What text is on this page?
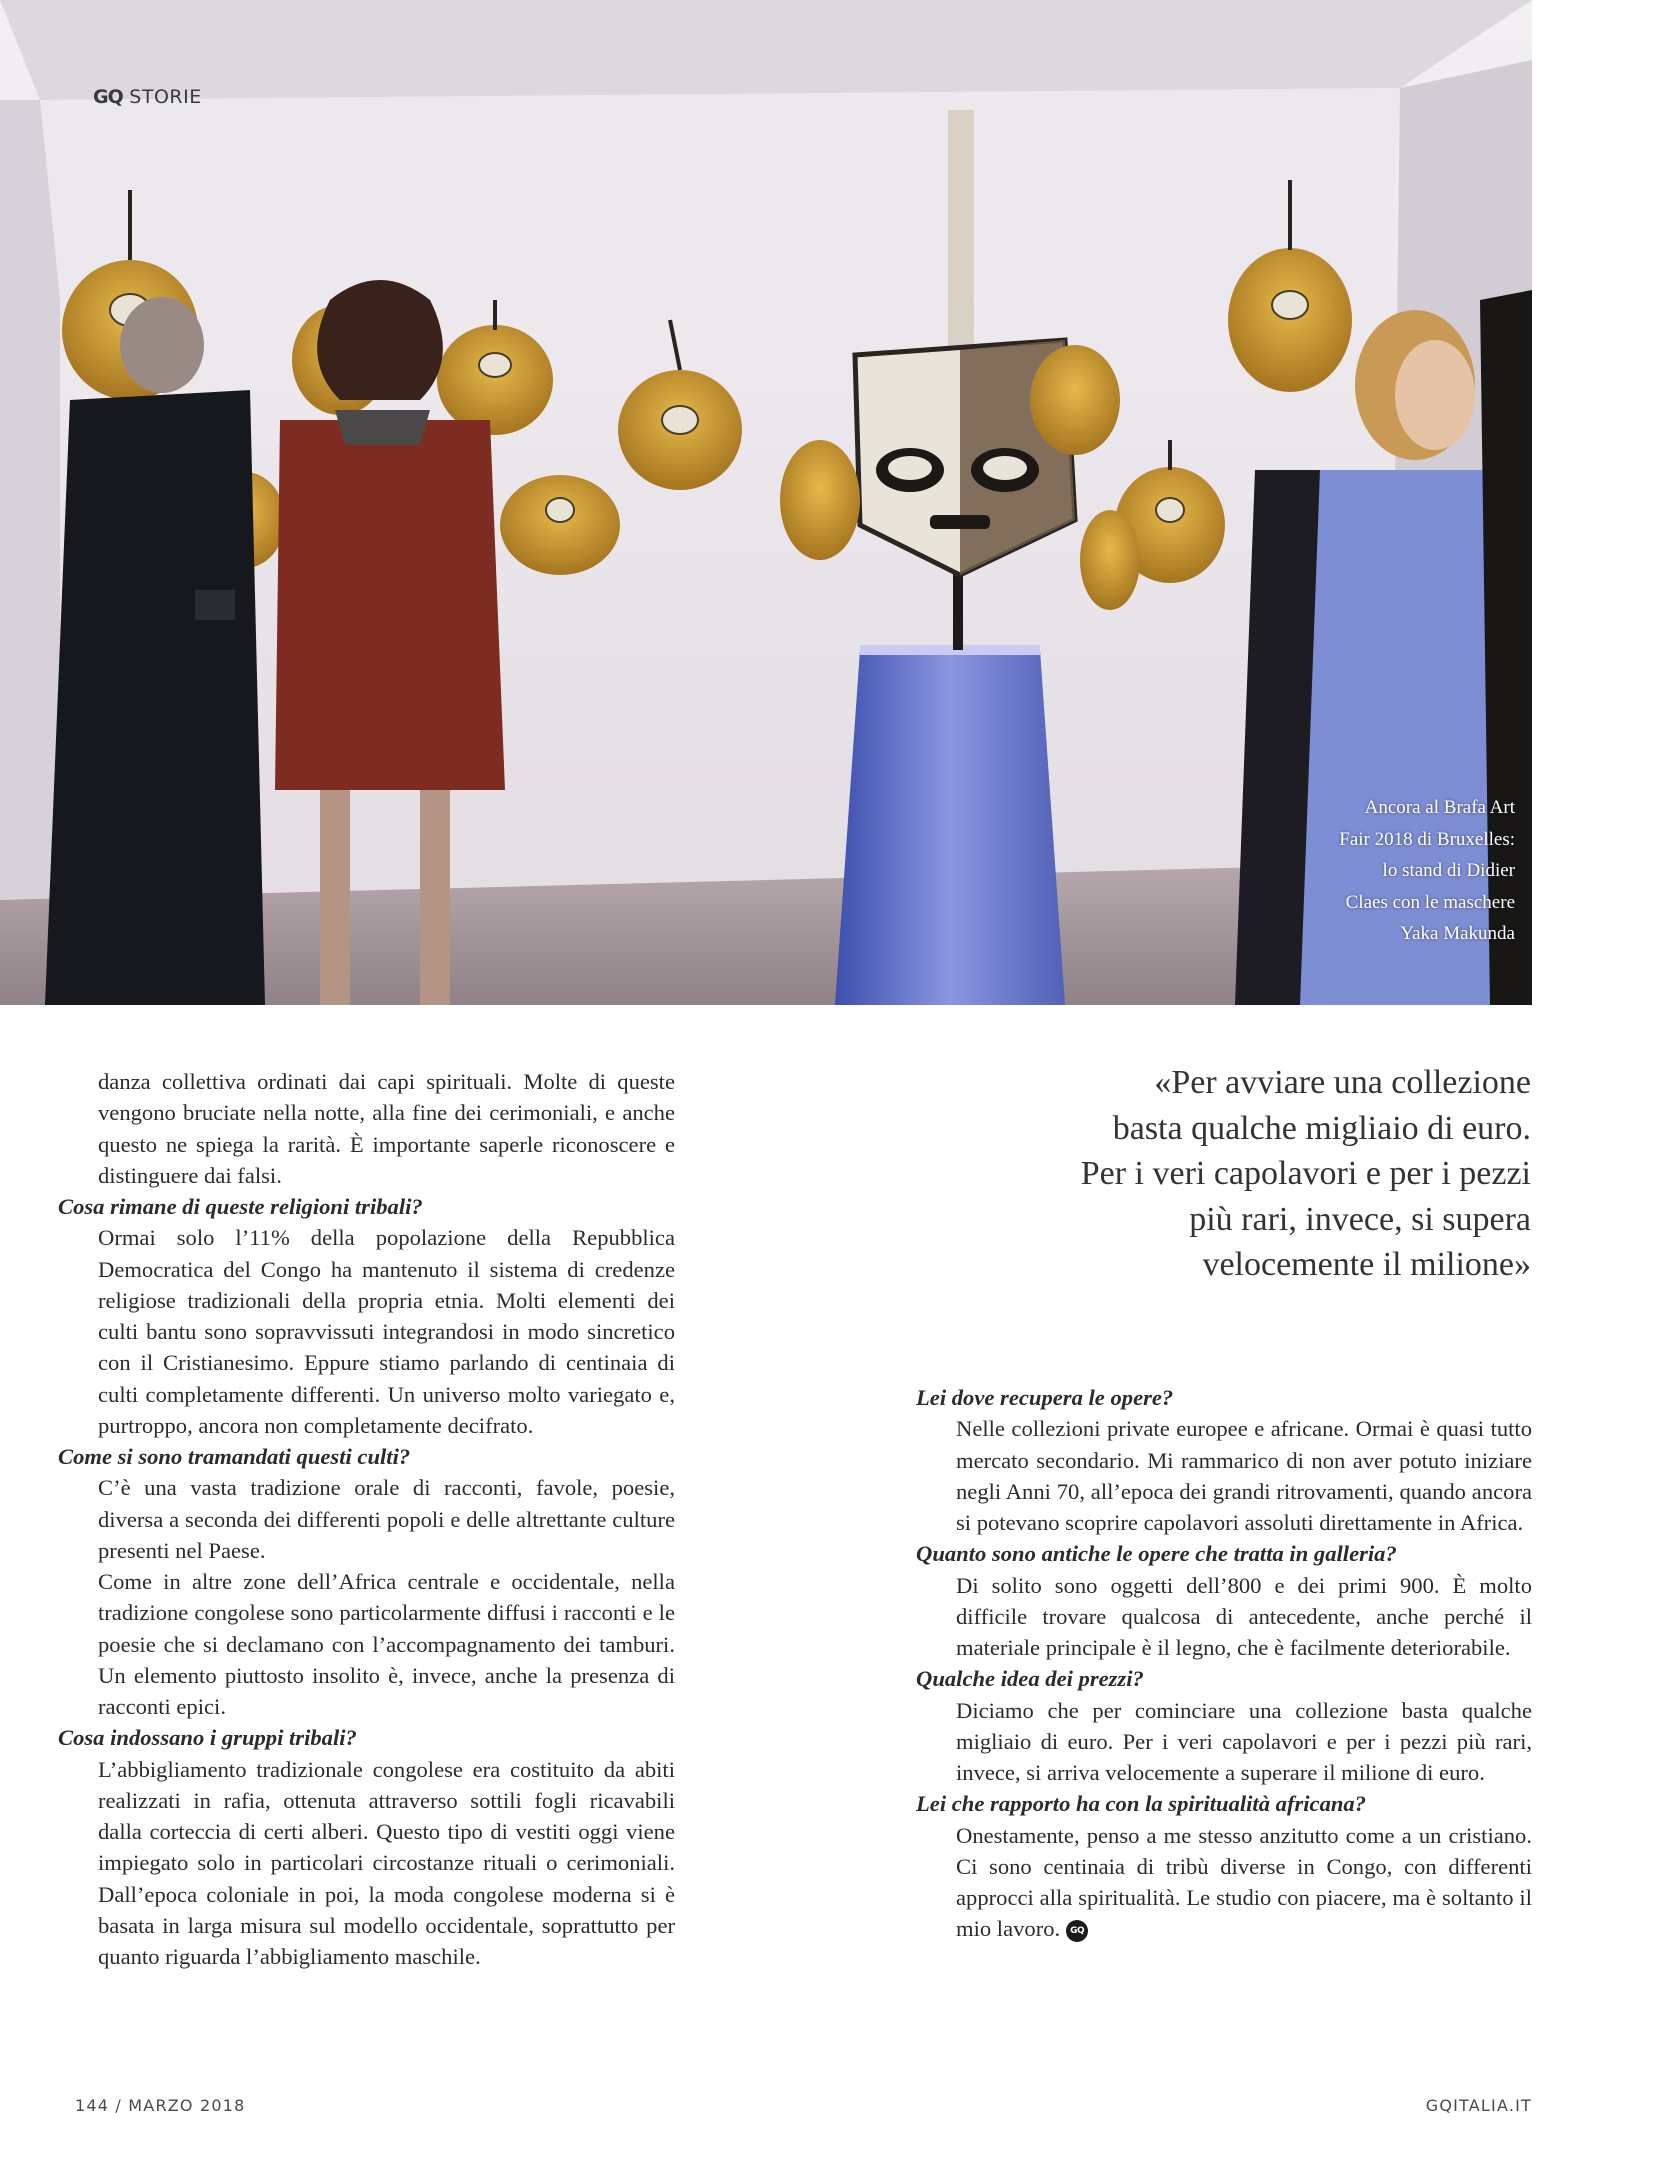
GQ STORIE
Ancora al Brafa Art
Fair 2018 di Bruxelles:
lo stand di Didier
Claes con le maschere
Yaka Makunda

danza collettiva ordinati dai capi spirituali. Molte di queste vengono bruciate nella notte, alla fine dei cerimoniali, e anche questo ne spiega la rarità. È importante saperle riconoscere e distinguere dai falsi.

Cosa rimane di queste religioni tribali?

Ormai solo l’11% della popolazione della Repubblica Democratica del Congo ha mantenuto il sistema di credenze religiose tradizionali della propria etnia. Molti elementi dei culti bantu sono sopravvissuti integrandosi in modo sincretico con il Cristianesimo. Eppure stiamo parlando di centinaia di culti completamente differenti. Un universo molto variegato e, purtroppo, ancora non completamente decifrato.

Come si sono tramandati questi culti?

C’è una vasta tradizione orale di racconti, favole, poesie, diversa a seconda dei differenti popoli e delle altrettante culture presenti nel Paese.

Come in altre zone dell’Africa centrale e occidentale, nella tradizione congolese sono particolarmente diffusi i racconti e le poesie che si declamano con l’accompagnamento dei tamburi. Un elemento piuttosto insolito è, invece, anche la presenza di racconti epici.

Cosa indossano i gruppi tribali?

L’abbigliamento tradizionale congolese era costituito da abiti realizzati in rafia, ottenuta attraverso sottili fogli ricavabili dalla corteccia di certi alberi. Questo tipo di vestiti oggi viene impiegato solo in particolari circostanze rituali o cerimoniali. Dall’epoca coloniale in poi, la moda congolese moderna si è basata in larga misura sul modello occidentale, soprattutto per quanto riguarda l’abbigliamento maschile.

«Per avviare una collezione
basta qualche migliaio di euro.
Per i veri capolavori e per i pezzi
più rari, invece, si supera
velocemente il milione»
Lei dove recupera le opere?

Nelle collezioni private europee e africane. Ormai è quasi tutto mercato secondario. Mi rammarico di non aver potuto iniziare negli Anni 70, all’epoca dei grandi ritrovamenti, quando ancora si potevano scoprire capolavori assoluti direttamente in Africa.

Quanto sono antiche le opere che tratta in galleria?

Di solito sono oggetti dell’800 e dei primi 900. È molto difficile trovare qualcosa di antecedente, anche perché il materiale principale è il legno, che è facilmente deteriorabile.

Qualche idea dei prezzi?

Diciamo che per cominciare una collezione basta qualche migliaio di euro. Per i veri capolavori e per i pezzi più rari, invece, si arriva velocemente a superare il milione di euro.

Lei che rapporto ha con la spiritualità africana?

Onestamente, penso a me stesso anzitutto come a un cristiano. Ci sono centinaia di tribù diverse in Congo, con differenti approcci alla spiritualità. Le studio con piacere, ma è soltanto il mio lavoro. GQ

144 / MARZO 2018	GQITALIA.IT
